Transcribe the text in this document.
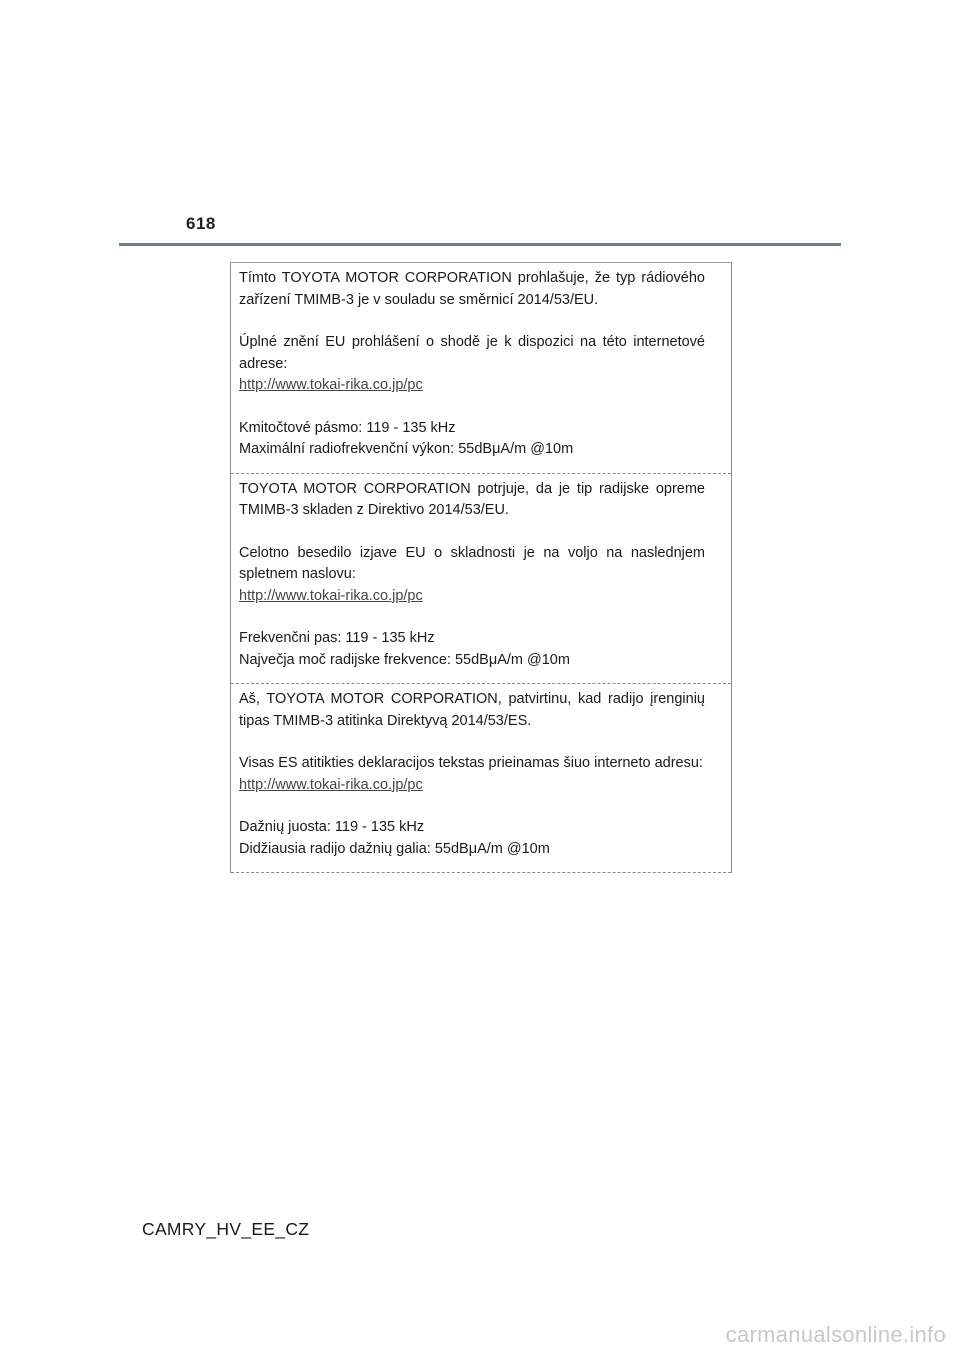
618

Tímto TOYOTA MOTOR CORPORATION prohlašuje, že typ rádiového zařízení TMIMB-3 je v souladu se směrnicí 2014/53/EU.

Úplné znění EU prohlášení o shodě je k dispozici na této internetové adrese:

http://www.tokai-rika.co.jp/pc
Kmitočtové pásmo: 119 - 135 kHz
Maximální radiofrekvenční výkon: 55dBμA/m @10m

TOYOTA MOTOR CORPORATION potrjuje, da je tip radijske opreme TMIMB-3 skladen z Direktivo 2014/53/EU.

Celotno besedilo izjave EU o skladnosti je na voljo na naslednjem spletnem naslovu:

http://www.tokai-rika.co.jp/pc
Frekvenčni pas: 119 - 135 kHz
Največja moč radijske frekvence: 55dBμA/m @10m

Aš, TOYOTA MOTOR CORPORATION, patvirtinu, kad radijo įrenginių tipas TMIMB-3 atitinka Direktyvą 2014/53/ES.

Visas ES atitikties deklaracijos tekstas prieinamas šiuo interneto adresu:

http://www.tokai-rika.co.jp/pc
Dažnių juosta: 119 - 135 kHz
Didžiausia radijo dažnių galia: 55dBμA/m @10m
CAMRY_HV_EE_CZ
carmanualsonline.info
